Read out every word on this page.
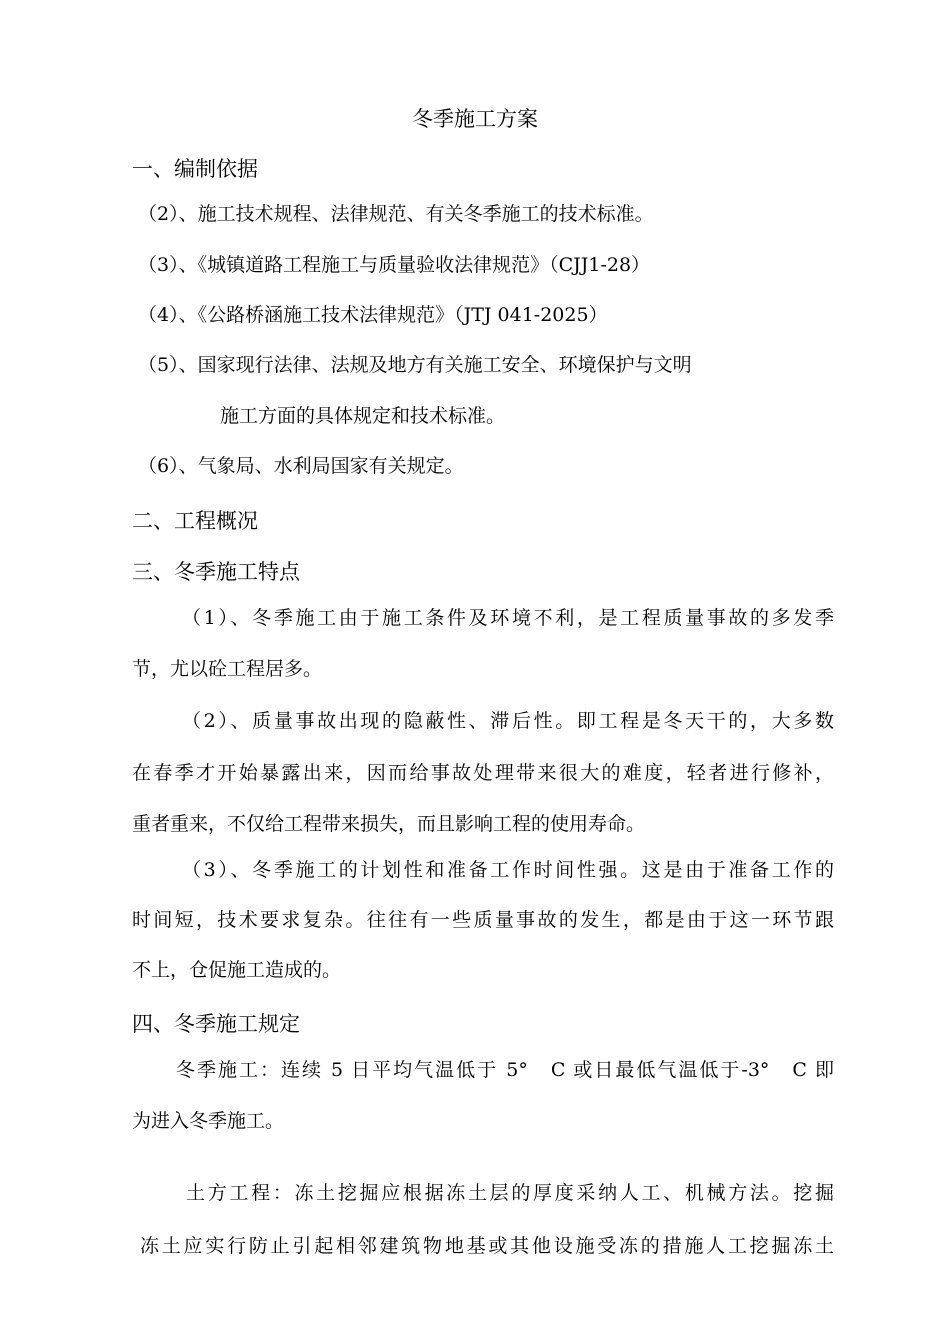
冬季施工方案
一、编制依据
（2）、施工技术规程、法律规范、有关冬季施工的技术标准。
（3）、《城镇道路工程施工与质量验收法律规范》（CJJ1-28）
（4）、《公路桥涵施工技术法律规范》（JTJ 041-2025）
（5）、国家现行法律、法规及地方有关施工安全、环境保护与文明
施工方面的具体规定和技术标准。
（6）、气象局、水利局国家有关规定。
二、工程概况
三、冬季施工特点
（1）、冬季施工由于施工条件及环境不利，是工程质量事故的多发季
节，尤以砼工程居多。
（2）、质量事故出现的隐蔽性、滞后性。即工程是冬天干的，大多数
在春季才开始暴露出来，因而给事故处理带来很大的难度，轻者进行修补，
重者重来，不仅给工程带来损失，而且影响工程的使用寿命。
（3）、冬季施工的计划性和准备工作时间性强。这是由于准备工作的
时间短，技术要求复杂。往往有一些质量事故的发生，都是由于这一环节跟
不上，仓促施工造成的。
四、冬季施工规定
冬季施工：连续 5 日平均气温低于 5°　C 或日最低气温低于-3°　C 即
为进入冬季施工。
土方工程：冻土挖掘应根据冻土层的厚度采纳人工、机械方法。挖掘
冻土应实行防止引起相邻建筑物地基或其他设施受冻的措施人工挖掘冻土
